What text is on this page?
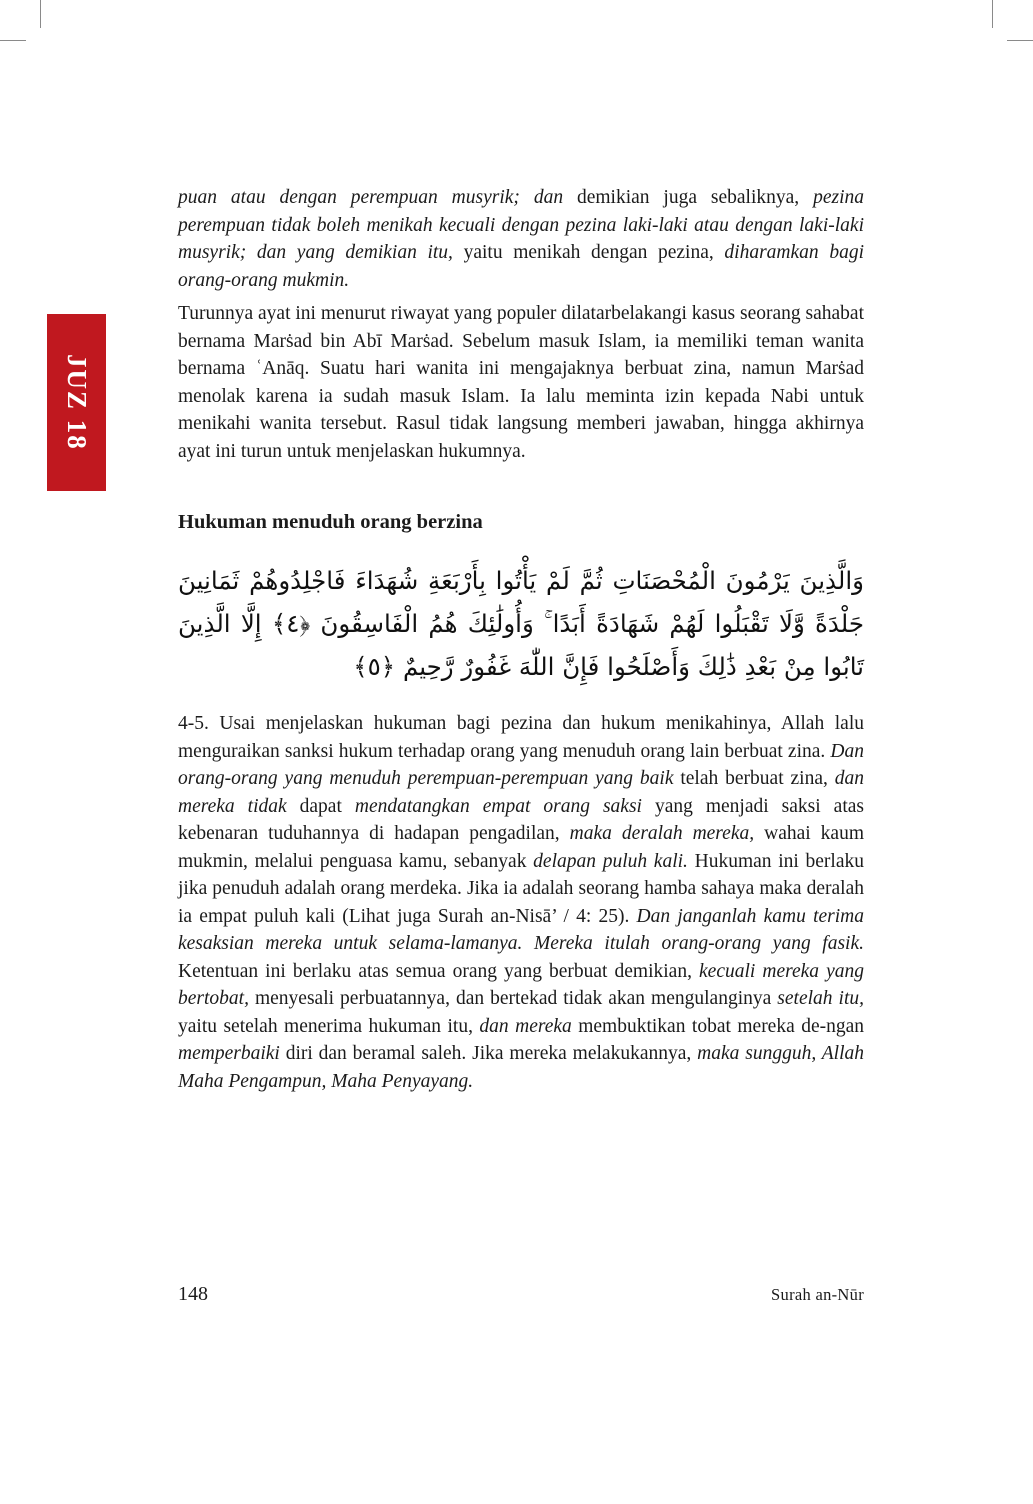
JUZ 18

puan atau dengan perempuan musyrik; dan demikian juga sebaliknya, pezina perempuan tidak boleh menikah kecuali dengan pezina laki-laki atau dengan laki-laki musyrik; dan yang demikian itu, yaitu menikah dengan pezina, diharamkan bagi orang-orang mukmin.

Turunnya ayat ini menurut riwayat yang populer dilatarbelakangi kasus seorang sahabat bernama Marṡad bin Abī Marṡad. Sebelum masuk Islam, ia memiliki teman wanita bernama ʿAnāq. Suatu hari wanita ini mengajaknya berbuat zina, namun Marṡad menolak karena ia sudah masuk Islam. Ia lalu meminta izin kepada Nabi untuk menikahi wanita tersebut. Rasul tidak langsung memberi jawaban, hingga akhirnya ayat ini turun untuk menjelaskan hukumnya.

Hukuman menuduh orang berzina
وَالَّذِينَ يَرْمُونَ الْمُحْصَنَاتِ ثُمَّ لَمْ يَأْتُوا بِأَرْبَعَةِ شُهَدَاءَ فَاجْلِدُوهُمْ ثَمَانِينَ جَلْدَةً وَّلَا تَقْبَلُوا لَهُمْ شَهَادَةً أَبَدًا ۚ وَأُولَٰئِكَ هُمُ الْفَاسِقُونَ ﴿٤﴾ إِلَّا الَّذِينَ تَابُوا مِنْ بَعْدِ ذَٰلِكَ وَأَصْلَحُوا فَإِنَّ اللّٰهَ غَفُورٌ رَّحِيمٌ ﴿٥﴾

4-5. Usai menjelaskan hukuman bagi pezina dan hukum menikahinya, Allah lalu menguraikan sanksi hukum terhadap orang yang menuduh orang lain berbuat zina. Dan orang-orang yang menuduh perempuan-perempuan yang baik telah berbuat zina, dan mereka tidak dapat mendatangkan empat orang saksi yang menjadi saksi atas kebenaran tuduhannya di hadapan pengadilan, maka deralah mereka, wahai kaum mukmin, melalui penguasa kamu, sebanyak delapan puluh kali. Hukuman ini berlaku jika penuduh adalah orang merdeka. Jika ia adalah seorang hamba sahaya maka deralah ia empat puluh kali (Lihat juga Surah an-Nisā’ / 4: 25). Dan janganlah kamu terima kesaksian mereka untuk selama-lamanya. Mereka itulah orang-orang yang fasik. Ketentuan ini berlaku atas semua orang yang berbuat demikian, kecuali mereka yang bertobat, menyesali perbuatannya, dan bertekad tidak akan mengulanginya setelah itu, yaitu setelah menerima hukuman itu, dan mereka membuktikan tobat mereka de-ngan memperbaiki diri dan beramal saleh. Jika mereka melakukannya, maka sungguh, Allah Maha Pengampun, Maha Penyayang.

148	Surah an-Nūr
